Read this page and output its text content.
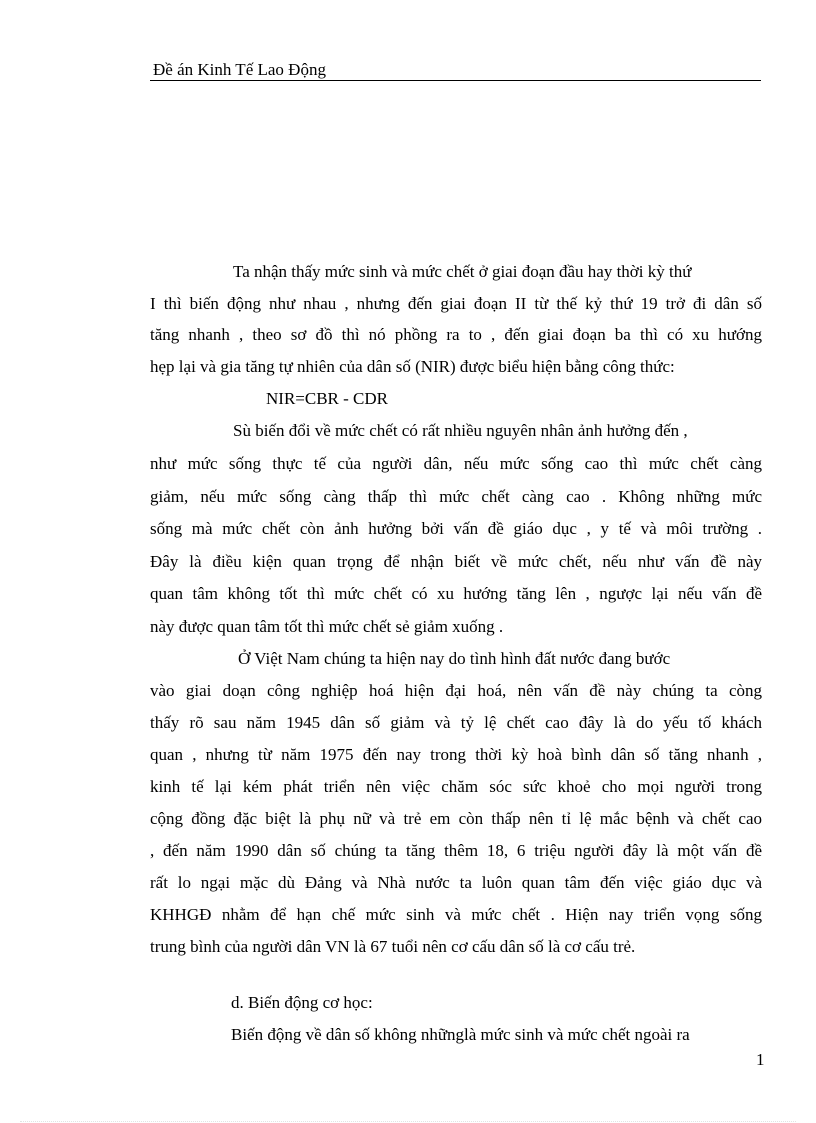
Đề án Kinh Tế Lao Động
Ta nhận thấy mức sinh và mức chết ở giai đoạn đầu hay thời kỳ thứ
I thì biến động như nhau , nhưng đến giai đoạn II từ thế kỷ thứ 19 trở đi dân số
tăng nhanh , theo sơ đồ thì nó phồng ra to , đến giai đoạn ba thì có xu hướng
hẹp lại và gia tăng tự nhiên của dân số (NIR) được biểu hiện bằng công thức:
NIR=CBR - CDR
Sù biến đổi về mức chết có rất nhiều nguyên nhân ảnh hưởng đến ,
như mức sống thực tế của người dân, nếu mức sống cao thì mức chết càng
giảm, nếu mức sống càng thấp thì mức chết càng cao . Không những mức
sống mà mức chết còn ảnh hưởng bởi vấn đề giáo dục , y tế và môi trường .
Đây là điều kiện quan trọng để nhận biết về mức chết, nếu như vấn đề này
quan tâm không tốt thì mức chết có xu hướng tăng lên , ngược lại nếu vấn đề
này được quan tâm tốt thì mức chết sẻ giảm xuống .
Ở Việt Nam chúng ta hiện nay do tình hình đất nước đang bước
vào giai doạn công nghiệp hoá hiện đại hoá, nên vấn đề này chúng ta còng
thấy rõ sau năm 1945 dân số giảm và tỷ lệ chết cao đây là do yếu tố khách
quan , nhưng từ năm 1975 đến nay trong thời kỳ hoà bình dân số tăng nhanh ,
kinh tế lại kém phát triển nên việc chăm sóc sức khoẻ cho mọi người trong
cộng đồng đặc biệt là phụ nữ và trẻ em còn thấp nên tỉ lệ mắc bệnh và chết cao
, đến năm 1990 dân số chúng ta tăng thêm 18, 6 triệu người đây là một vấn đề
rất lo ngại mặc dù Đảng và Nhà nước ta luôn quan tâm đến việc giáo dục và
KHHGĐ nhằm để hạn chế mức sinh và mức chết . Hiện nay triển vọng sống
trung bình của người dân VN là 67 tuổi nên cơ cấu dân số là cơ cấu trẻ.
d. Biến động cơ học:
Biến động về dân số không nhữnglà mức sinh và mức chết ngoài ra
1
